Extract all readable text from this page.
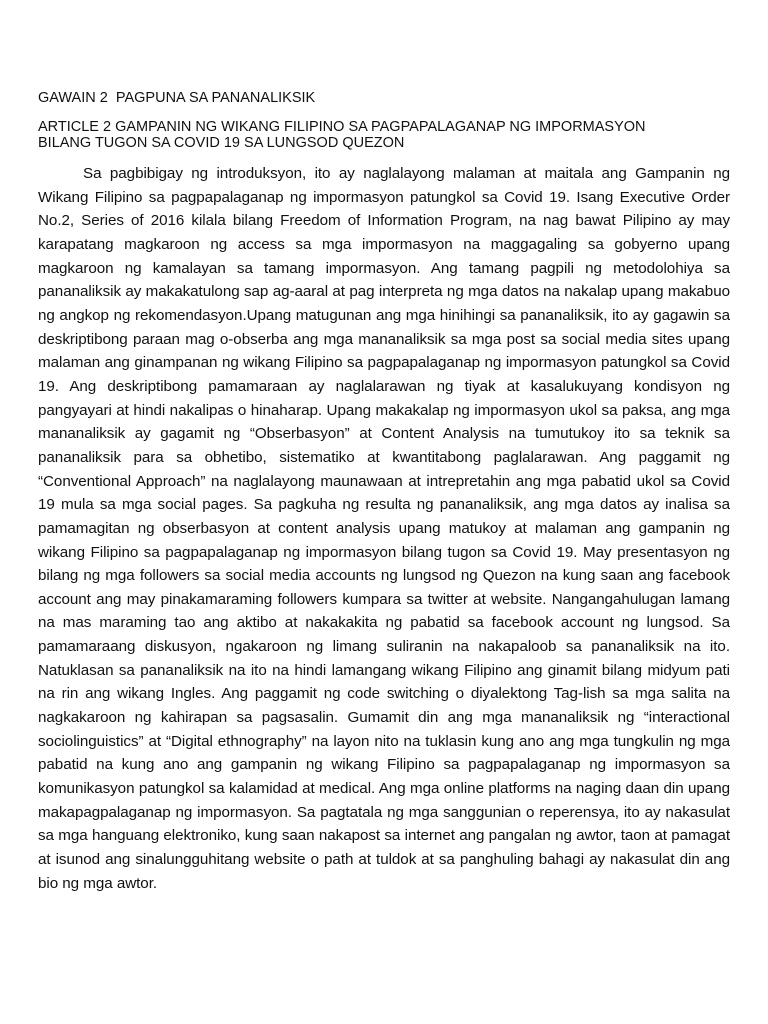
GAWAIN 2  PAGPUNA SA PANANALIKSIK
ARTICLE 2 GAMPANIN NG WIKANG FILIPINO SA PAGPAPALAGANAP NG IMPORMASYON
BILANG TUGON SA COVID 19 SA LUNGSOD QUEZON

Sa pagbibigay ng introduksyon, ito ay naglalayong malaman at maitala ang Gampanin ng Wikang Filipino sa pagpapalaganap ng impormasyon patungkol sa Covid 19. Isang Executive Order No.2, Series of 2016 kilala bilang Freedom of Information Program, na nag bawat Pilipino ay may karapatang magkaroon ng access sa mga impormasyon na maggagaling sa gobyerno upang magkaroon ng kamalayan sa tamang impormasyon. Ang tamang pagpili ng metodolohiya sa pananaliksik ay makakatulong sap ag-aaral at pag interpreta ng mga datos na nakalap upang makabuo ng angkop ng rekomendasyon.Upang matugunan ang mga hinihingi sa pananaliksik, ito ay gagawin sa deskriptibong paraan mag o-obserba ang mga mananaliksik sa mga post sa social media sites upang malaman ang ginampanan ng wikang Filipino sa pagpapalaganap ng impormasyon patungkol sa Covid 19. Ang deskriptibong pamamaraan ay naglalarawan ng tiyak at kasalukuyang kondisyon ng pangyayari at hindi nakalipas o hinaharap. Upang makakalap ng impormasyon ukol sa paksa, ang mga mananaliksik ay gagamit ng “Obserbasyon” at Content Analysis na tumutukoy ito sa teknik sa pananaliksik para sa obhetibo, sistematiko at kwantitabong paglalarawan. Ang paggamit ng “Conventional Approach” na naglalayong maunawaan at intrepretahin ang mga pabatid ukol sa Covid 19 mula sa mga social pages. Sa pagkuha ng resulta ng pananaliksik, ang mga datos ay inalisa sa pamamagitan ng obserbasyon at content analysis upang matukoy at malaman ang gampanin ng wikang Filipino sa pagpapalaganap ng impormasyon bilang tugon sa Covid 19. May presentasyon ng bilang ng mga followers sa social media accounts ng lungsod ng Quezon na kung saan ang facebook account ang may pinakamaraming followers kumpara sa twitter at website. Nangangahulugan lamang na mas maraming tao ang aktibo at nakakakita ng pabatid sa facebook account ng lungsod. Sa pamamaraang diskusyon, ngakaroon ng limang suliranin na nakapaloob sa pananaliksik na ito. Natuklasan sa pananaliksik na ito na hindi lamangang wikang Filipino ang ginamit bilang midyum pati na rin ang wikang Ingles. Ang paggamit ng code switching o diyalektong Tag-lish sa mga salita na nagkakaroon ng kahirapan sa pagsasalin. Gumamit din ang mga mananaliksik ng “interactional sociolinguistics” at “Digital ethnography” na layon nito na tuklasin kung ano ang mga tungkulin ng mga pabatid na kung ano ang gampanin ng wikang Filipino sa pagpapalaganap ng impormasyon sa komunikasyon patungkol sa kalamidad at medical. Ang mga online platforms na naging daan din upang makapagpalaganap ng impormasyon. Sa pagtatala ng mga sanggunian o reperensya, ito ay nakasulat sa mga hanguang elektroniko, kung saan nakapost sa internet ang pangalan ng awtor, taon at pamagat at isunod ang sinalungguhitang website o path at tuldok at sa panghuling bahagi ay nakasulat din ang bio ng mga awtor.
